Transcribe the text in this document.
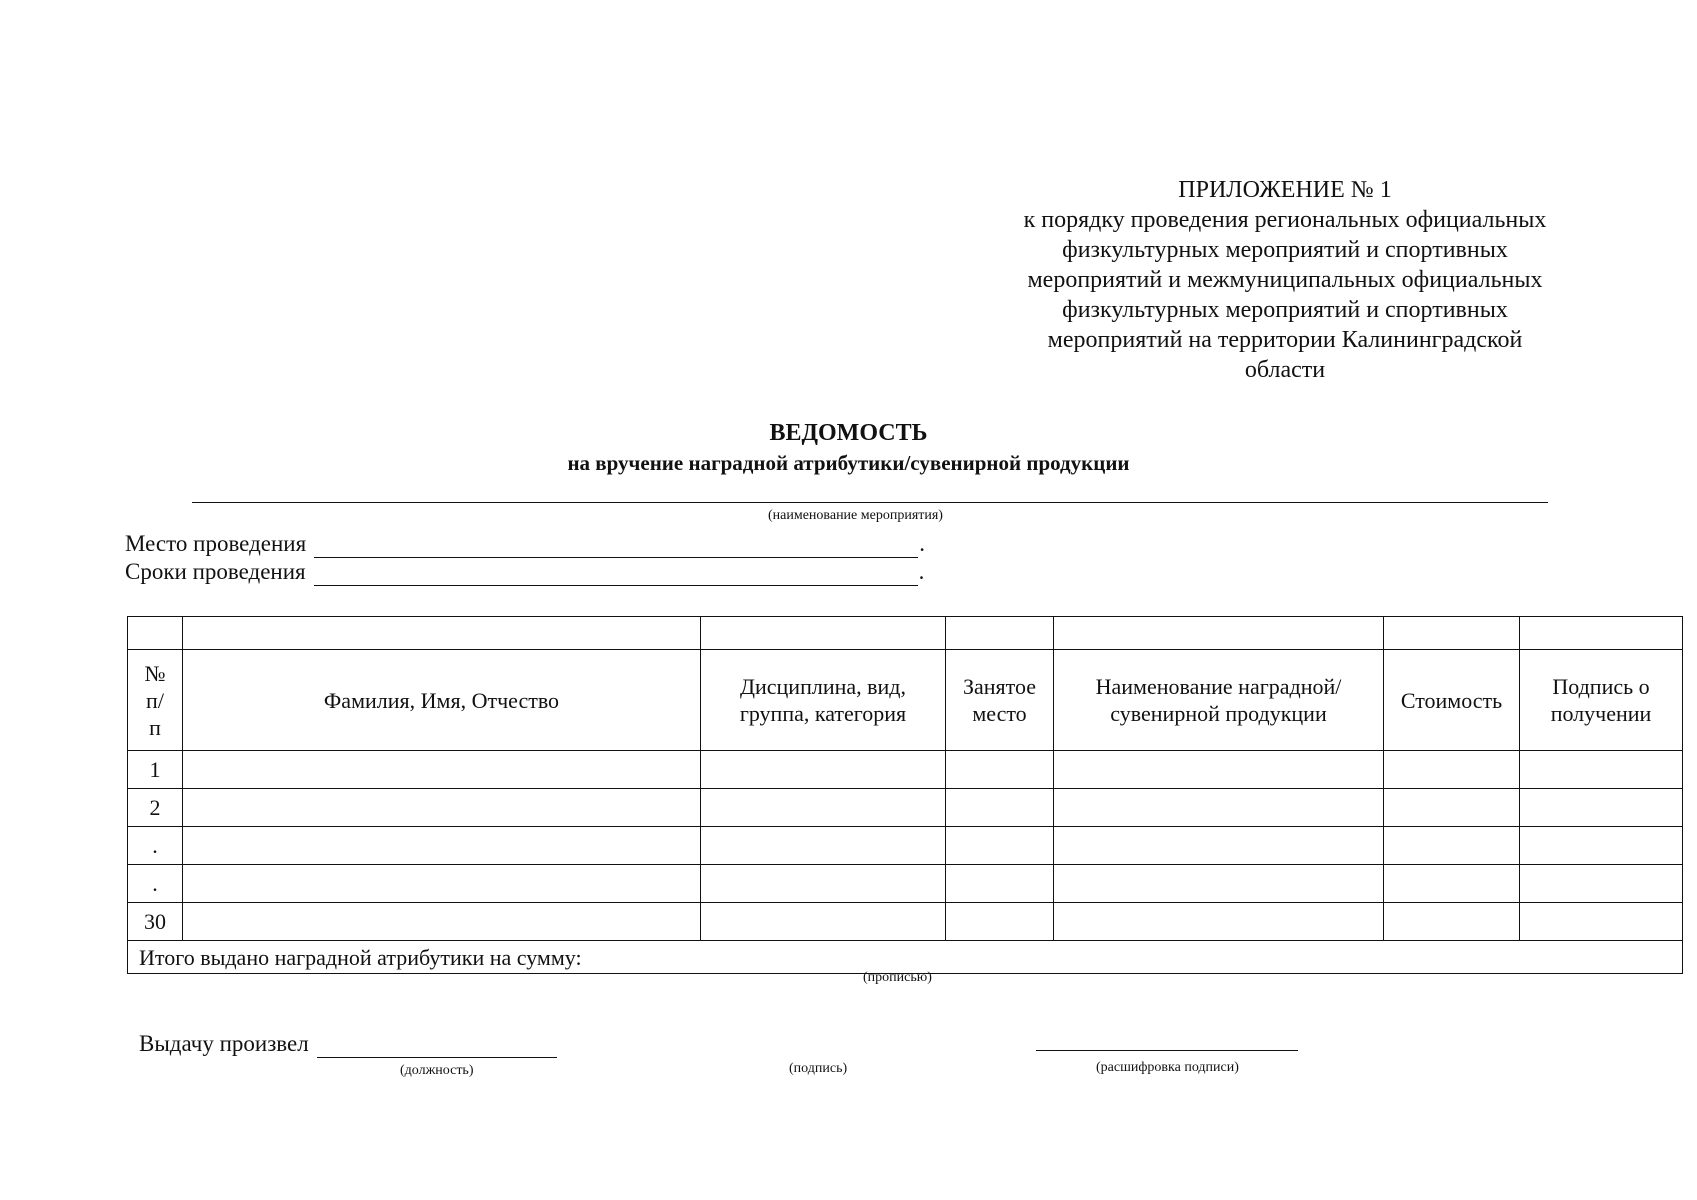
ПРИЛОЖЕНИЕ № 1
к порядку проведения региональных официальных
физкультурных мероприятий и спортивных
мероприятий и межмуниципальных официальных
физкультурных мероприятий и спортивных
мероприятий на территории Калининградской
области
ВЕДОМОСТЬ
на вручение наградной атрибутики/сувенирной продукции
(наименование мероприятия)
Место проведения	.
Сроки проведения	.

№ п/п	Фамилия, Имя, Отчество	Дисциплина, вид, группа, категория	Занятое место	Наименование наградной/сувенирной продукции	Стоимость	Подпись о получении
1						
2						
.						
.						
30						
Итого выдано наградной атрибутики на сумму:						
(прописью)
Выдачу произвел
(должность)	(подпись)	(расшифровка подписи)
